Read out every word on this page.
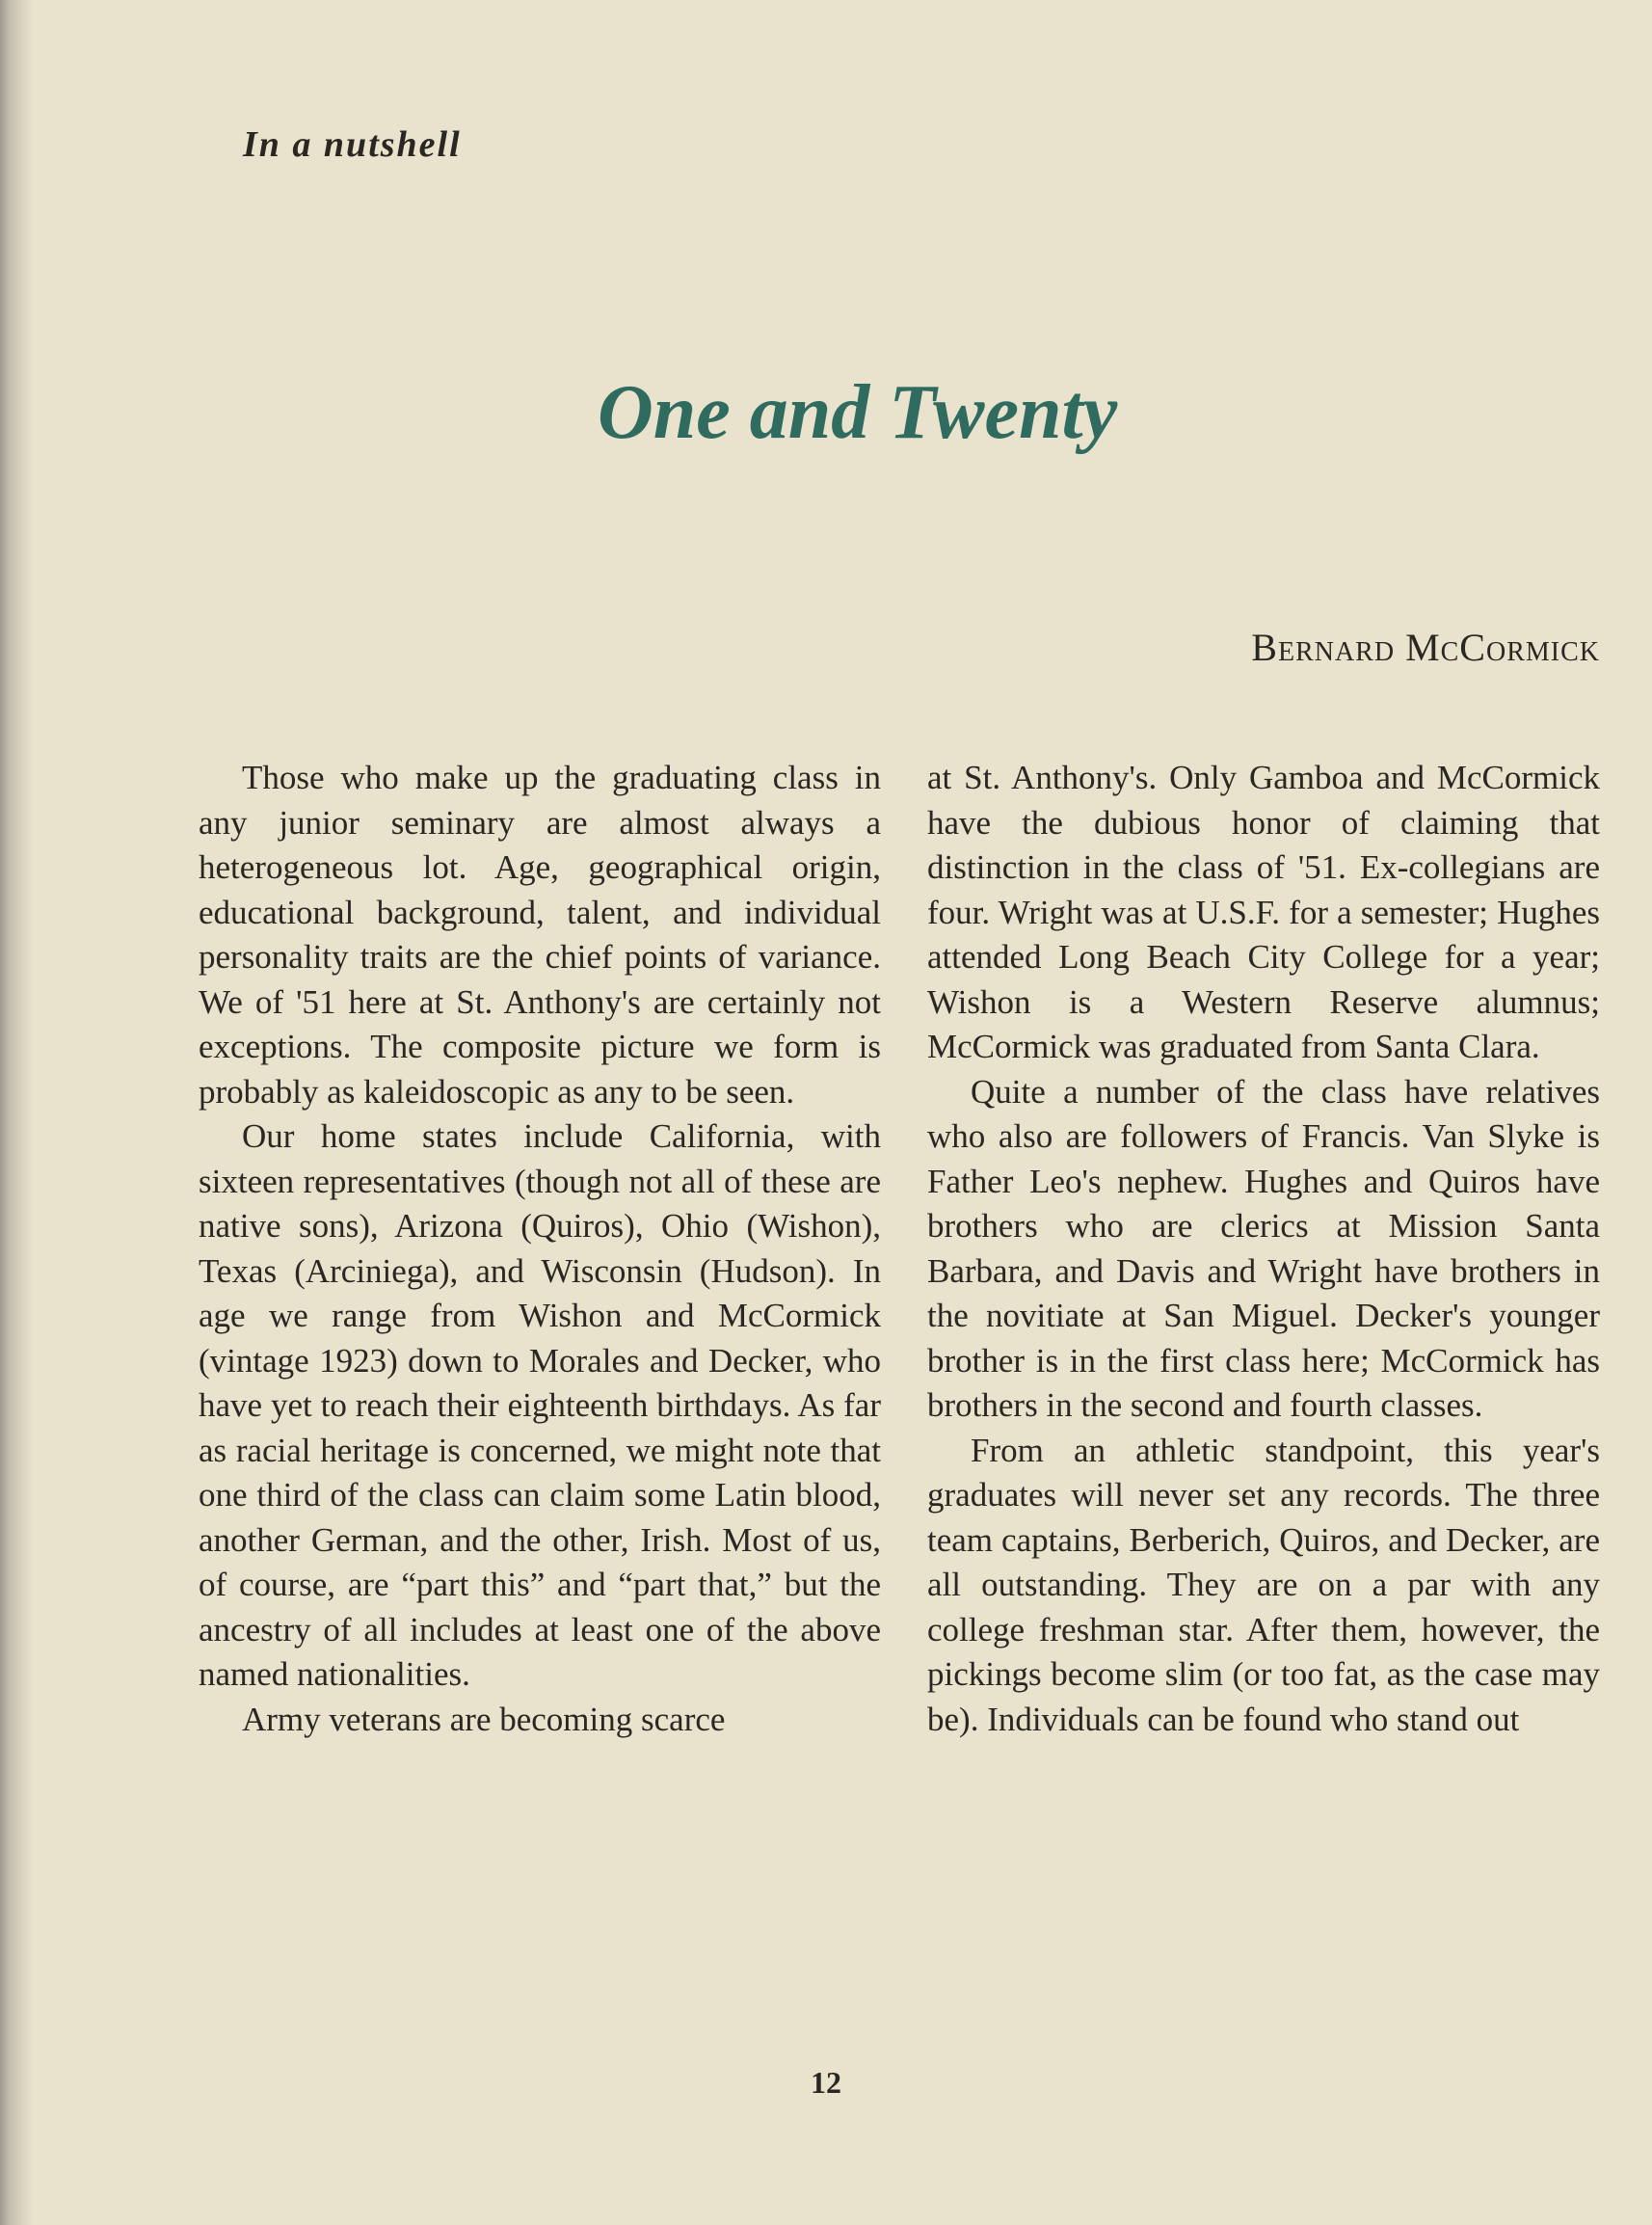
In a nutshell

One and Twenty

Bernard McCormick

Those who make up the graduating class in any junior seminary are almost always a heterogeneous lot. Age, geographical origin, educational background, talent, and individual personality traits are the chief points of variance. We of '51 here at St. Anthony's are certainly not exceptions. The composite picture we form is probably as kaleidoscopic as any to be seen.

Our home states include California, with sixteen representatives (though not all of these are native sons), Arizona (Quiros), Ohio (Wishon), Texas (Arciniega), and Wisconsin (Hudson). In age we range from Wishon and McCormick (vintage 1923) down to Morales and Decker, who have yet to reach their eighteenth birthdays. As far as racial heritage is concerned, we might note that one third of the class can claim some Latin blood, another German, and the other, Irish. Most of us, of course, are “part this” and “part that,” but the ancestry of all includes at least one of the above named nationalities.

Army veterans are becoming scarce

at St. Anthony's. Only Gamboa and McCormick have the dubious honor of claiming that distinction in the class of '51. Ex-collegians are four. Wright was at U.S.F. for a semester; Hughes attended Long Beach City College for a year; Wishon is a Western Reserve alumnus; McCormick was graduated from Santa Clara.

Quite a number of the class have relatives who also are followers of Francis. Van Slyke is Father Leo's nephew. Hughes and Quiros have brothers who are clerics at Mission Santa Barbara, and Davis and Wright have brothers in the novitiate at San Miguel. Decker's younger brother is in the first class here; McCormick has brothers in the second and fourth classes.

From an athletic standpoint, this year's graduates will never set any records. The three team captains, Berberich, Quiros, and Decker, are all outstanding. They are on a par with any college freshman star. After them, however, the pickings become slim (or too fat, as the case may be). Individuals can be found who stand out

12
